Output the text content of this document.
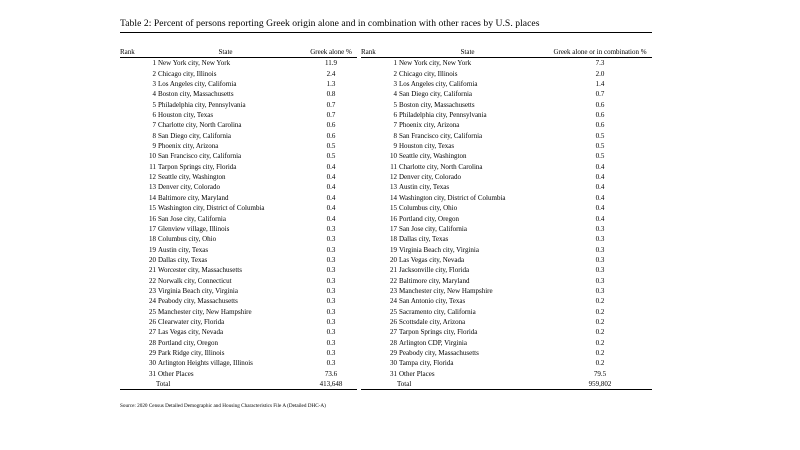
Table 2: Percent of persons reporting Greek origin alone and in combination with other races by U.S. places
Rank	State	Greek alone %
	1 New York city, New York	11.9
	2 Chicago city, Illinois	2.4
	3 Los Angeles city, California	1.3
	4 Boston city, Massachusetts	0.8
	5 Philadelphia city, Pennsylvania	0.7
	6 Houston city, Texas	0.7
	7 Charlotte city, North Carolina	0.6
	8 San Diego city, California	0.6
	9 Phoenix city, Arizona	0.5
	10 San Francisco city, California	0.5
	11 Tarpon Springs city, Florida	0.4
	12 Seattle city, Washington	0.4
	13 Denver city, Colorado	0.4
	14 Baltimore city, Maryland	0.4
	15 Washington city, District of Columbia	0.4
	16 San Jose city, California	0.4
	17 Glenview village, Illinois	0.3
	18 Columbus city, Ohio	0.3
	19 Austin city, Texas	0.3
	20 Dallas city, Texas	0.3
	21 Worcester city, Massachusetts	0.3
	22 Norwalk city, Connecticut	0.3
	23 Virginia Beach city, Virginia	0.3
	24 Peabody city, Massachusetts	0.3
	25 Manchester city, New Hampshire	0.3
	26 Clearwater city, Florida	0.3
	27 Las Vegas city, Nevada	0.3
	28 Portland city, Oregon	0.3
	29 Park Ridge city, Illinois	0.3
	30 Arlington Heights village, Illinois	0.3
	31 Other Places	73.6
	Total	413,648
Rank	State	Greek alone or in combination %
	1 New York city, New York	7.3
	2 Chicago city, Illinois	2.0
	3 Los Angeles city, California	1.4
	4 San Diego city, California	0.7
	5 Boston city, Massachusetts	0.6
	6 Philadelphia city, Pennsylvania	0.6
	7 Phoenix city, Arizona	0.6
	8 San Francisco city, California	0.5
	9 Houston city, Texas	0.5
	10 Seattle city, Washington	0.5
	11 Charlotte city, North Carolina	0.4
	12 Denver city, Colorado	0.4
	13 Austin city, Texas	0.4
	14 Washington city, District of Columbia	0.4
	15 Columbus city, Ohio	0.4
	16 Portland city, Oregon	0.4
	17 San Jose city, California	0.3
	18 Dallas city, Texas	0.3
	19 Virginia Beach city, Virginia	0.3
	20 Las Vegas city, Nevada	0.3
	21 Jacksonville city, Florida	0.3
	22 Baltimore city, Maryland	0.3
	23 Manchester city, New Hampshire	0.3
	24 San Antonio city, Texas	0.2
	25 Sacramento city, California	0.2
	26 Scottsdale city, Arizona	0.2
	27 Tarpon Springs city, Florida	0.2
	28 Arlington CDP, Virginia	0.2
	29 Peabody city, Massachusetts	0.2
	30 Tampa city, Florida	0.2
	31 Other Places	79.5
	Total	959,802
Source: 2020 Census Detailed Demographic and Housing Characteristics File A (Detailed DHC-A)
